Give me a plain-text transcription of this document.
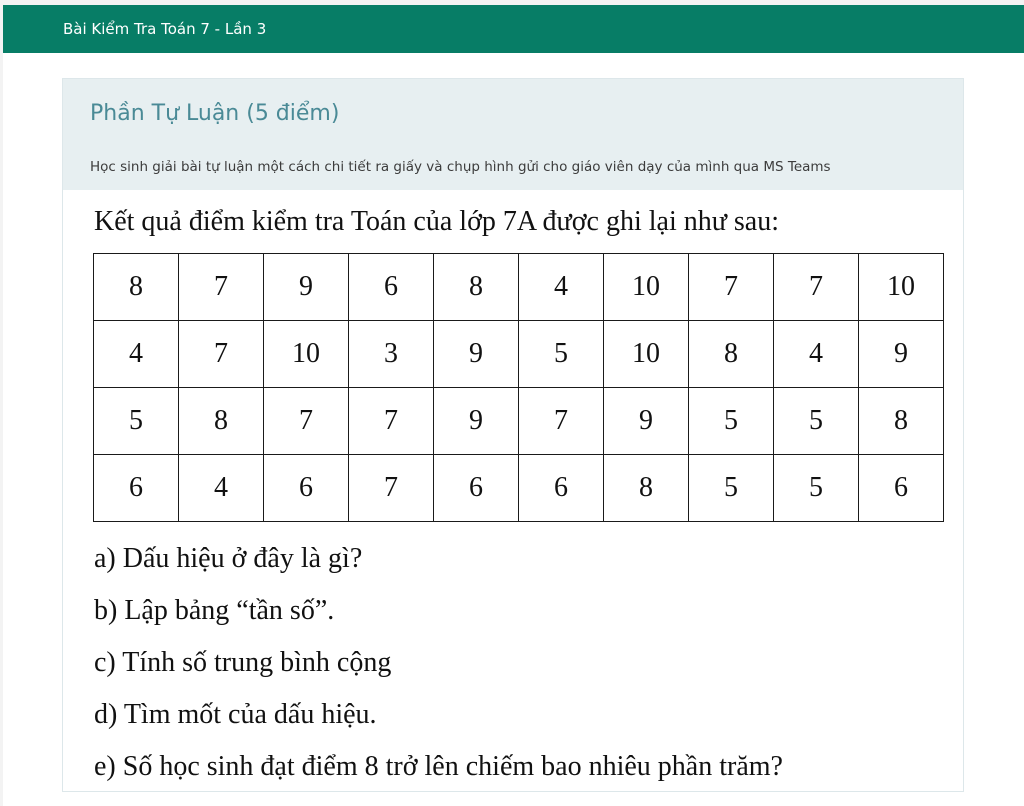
Bài Kiểm Tra Toán 7 - Lần 3
Phần Tự Luận (5 điểm)
Học sinh giải bài tự luận một cách chi tiết ra giấy và chụp hình gửi cho giáo viên dạy của mình qua MS Teams
Kết quả điểm kiểm tra Toán của lớp 7A được ghi lại như sau:
8	7	9	6	8	4	10	7	7	10
4	7	10	3	9	5	10	8	4	9
5	8	7	7	9	7	9	5	5	8
6	4	6	7	6	6	8	5	5	6
a) Dấu hiệu ở đây là gì?
b) Lập bảng “tần số”.
c) Tính số trung bình cộng
d) Tìm mốt của dấu hiệu.
e) Số học sinh đạt điểm 8 trở lên chiếm bao nhiêu phần trăm?
